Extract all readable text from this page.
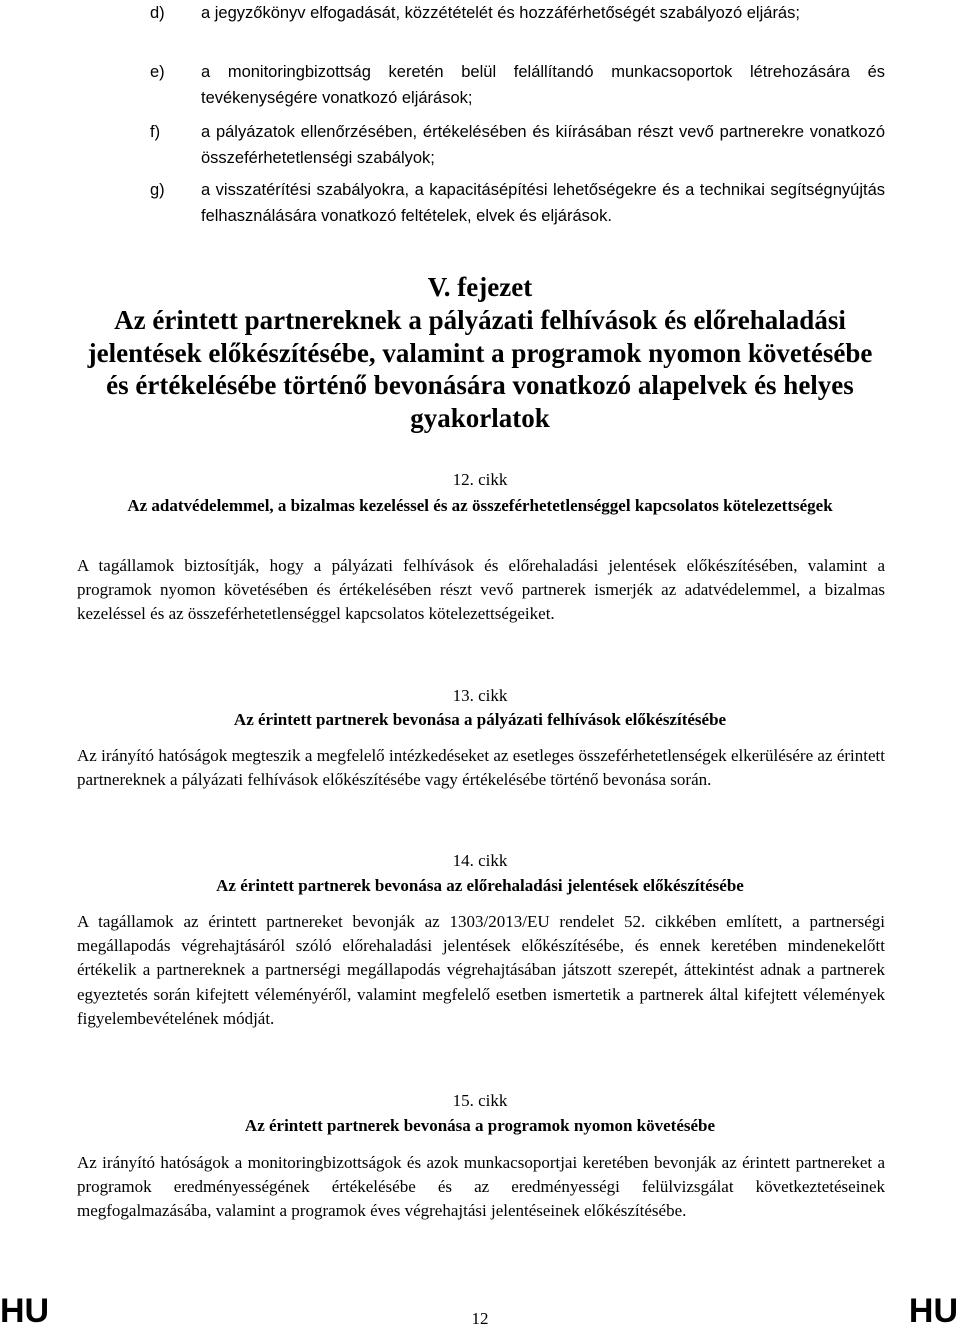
d) a jegyzőkönyv elfogadását, közzétételét és hozzáférhetőségét szabályozó eljárás;
e) a monitoringbizottság keretén belül felállítandó munkacsoportok létrehozására és tevékenységére vonatkozó eljárások;
f) a pályázatok ellenőrzésében, értékelésében és kiírásában részt vevő partnerekre vonatkozó összeférhetetlenségi szabályok;
g) a visszatérítési szabályokra, a kapacitásépítési lehetőségekre és a technikai segítségnyújtás felhasználására vonatkozó feltételek, elvek és eljárások.
V. fejezet
Az érintett partnereknek a pályázati felhívások és előrehaladási jelentések előkészítésébe, valamint a programok nyomon követésébe és értékelésébe történő bevonására vonatkozó alapelvek és helyes gyakorlatok
12. cikk
Az adatvédelemmel, a bizalmas kezeléssel és az összeférhetetlenséggel kapcsolatos kötelezettségek
A tagállamok biztosítják, hogy a pályázati felhívások és előrehaladási jelentések előkészítésében, valamint a programok nyomon követésében és értékelésében részt vevő partnerek ismerjék az adatvédelemmel, a bizalmas kezeléssel és az összeférhetetlenséggel kapcsolatos kötelezettségeiket.
13. cikk
Az érintett partnerek bevonása a pályázati felhívások előkészítésébe
Az irányító hatóságok megteszik a megfelelő intézkedéseket az esetleges összeférhetetlenségek elkerülésére az érintett partnereknek a pályázati felhívások előkészítésébe vagy értékelésébe történő bevonása során.
14. cikk
Az érintett partnerek bevonása az előrehaladási jelentések előkészítésébe
A tagállamok az érintett partnereket bevonják az 1303/2013/EU rendelet 52. cikkében említett, a partnerségi megállapodás végrehajtásáról szóló előrehaladási jelentések előkészítésébe, és ennek keretében mindenekelőtt értékelik a partnereknek a partnerségi megállapodás végrehajtásában játszott szerepét, áttekintést adnak a partnerek egyeztetés során kifejtett véleményéről, valamint megfelelő esetben ismertetik a partnerek által kifejtett vélemények figyelembevételének módját.
15. cikk
Az érintett partnerek bevonása a programok nyomon követésébe
Az irányító hatóságok a monitoringbizottságok és azok munkacsoportjai keretében bevonják az érintett partnereket a programok eredményességének értékelésébe és az eredményességi felülvizsgálat következtetéseinek megfogalmazásába, valamint a programok éves végrehajtási jelentéseinek előkészítésébe.
HU	12	HU
